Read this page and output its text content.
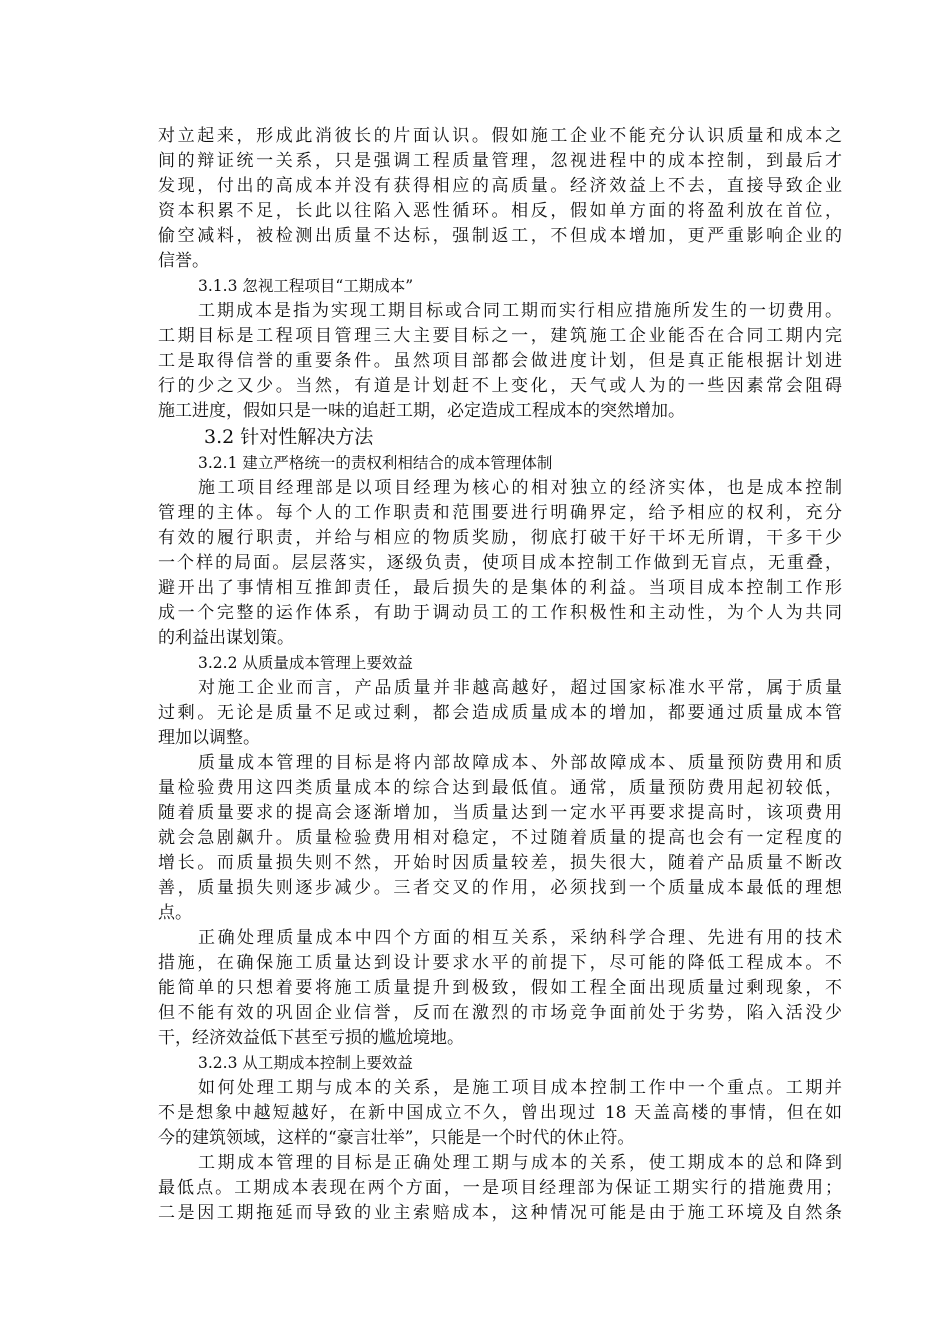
对立起来，形成此消彼长的片面认识。假如施工企业不能充分认识质量和成本之
间的辩证统一关系，只是强调工程质量管理，忽视进程中的成本控制，到最后才
发现，付出的高成本并没有获得相应的高质量。经济效益上不去，直接导致企业
资本积累不足，长此以往陷入恶性循环。相反，假如单方面的将盈利放在首位，
偷空减料，被检测出质量不达标，强制返工，不但成本增加，更严重影响企业的
信誉。
3.1.3 忽视工程项目“工期成本”
工期成本是指为实现工期目标或合同工期而实行相应措施所发生的一切费用。
工期目标是工程项目管理三大主要目标之一，建筑施工企业能否在合同工期内完
工是取得信誉的重要条件。虽然项目部都会做进度计划，但是真正能根据计划进
行的少之又少。当然，有道是计划赶不上变化，天气或人为的一些因素常会阻碍
施工进度，假如只是一味的追赶工期，必定造成工程成本的突然增加。
3.2 针对性解决方法
3.2.1 建立严格统一的责权利相结合的成本管理体制
施工项目经理部是以项目经理为核心的相对独立的经济实体，也是成本控制
管理的主体。每个人的工作职责和范围要进行明确界定，给予相应的权利，充分
有效的履行职责，并给与相应的物质奖励，彻底打破干好干坏无所谓，干多干少
一个样的局面。层层落实，逐级负责，使项目成本控制工作做到无盲点，无重叠，
避开出了事情相互推卸责任，最后损失的是集体的利益。当项目成本控制工作形
成一个完整的运作体系，有助于调动员工的工作积极性和主动性，为个人为共同
的利益出谋划策。
3.2.2 从质量成本管理上要效益
对施工企业而言，产品质量并非越高越好，超过国家标准水平常，属于质量
过剩。无论是质量不足或过剩，都会造成质量成本的增加，都要通过质量成本管
理加以调整。
质量成本管理的目标是将内部故障成本、外部故障成本、质量预防费用和质
量检验费用这四类质量成本的综合达到最低值。通常，质量预防费用起初较低，
随着质量要求的提高会逐渐增加，当质量达到一定水平再要求提高时，该项费用
就会急剧飙升。质量检验费用相对稳定，不过随着质量的提高也会有一定程度的
增长。而质量损失则不然，开始时因质量较差，损失很大，随着产品质量不断改
善，质量损失则逐步减少。三者交叉的作用，必须找到一个质量成本最低的理想
点。
正确处理质量成本中四个方面的相互关系，采纳科学合理、先进有用的技术
措施，在确保施工质量达到设计要求水平的前提下，尽可能的降低工程成本。不
能简单的只想着要将施工质量提升到极致，假如工程全面出现质量过剩现象，不
但不能有效的巩固企业信誉，反而在激烈的市场竞争面前处于劣势，陷入活没少
干，经济效益低下甚至亏损的尴尬境地。
3.2.3 从工期成本控制上要效益
如何处理工期与成本的关系，是施工项目成本控制工作中一个重点。工期并
不是想象中越短越好，在新中国成立不久，曾出现过 18 天盖高楼的事情，但在如
今的建筑领域，这样的“豪言壮举”，只能是一个时代的休止符。
工期成本管理的目标是正确处理工期与成本的关系，使工期成本的总和降到
最低点。工期成本表现在两个方面，一是项目经理部为保证工期实行的措施费用；
二是因工期拖延而导致的业主索赔成本，这种情况可能是由于施工环境及自然条
